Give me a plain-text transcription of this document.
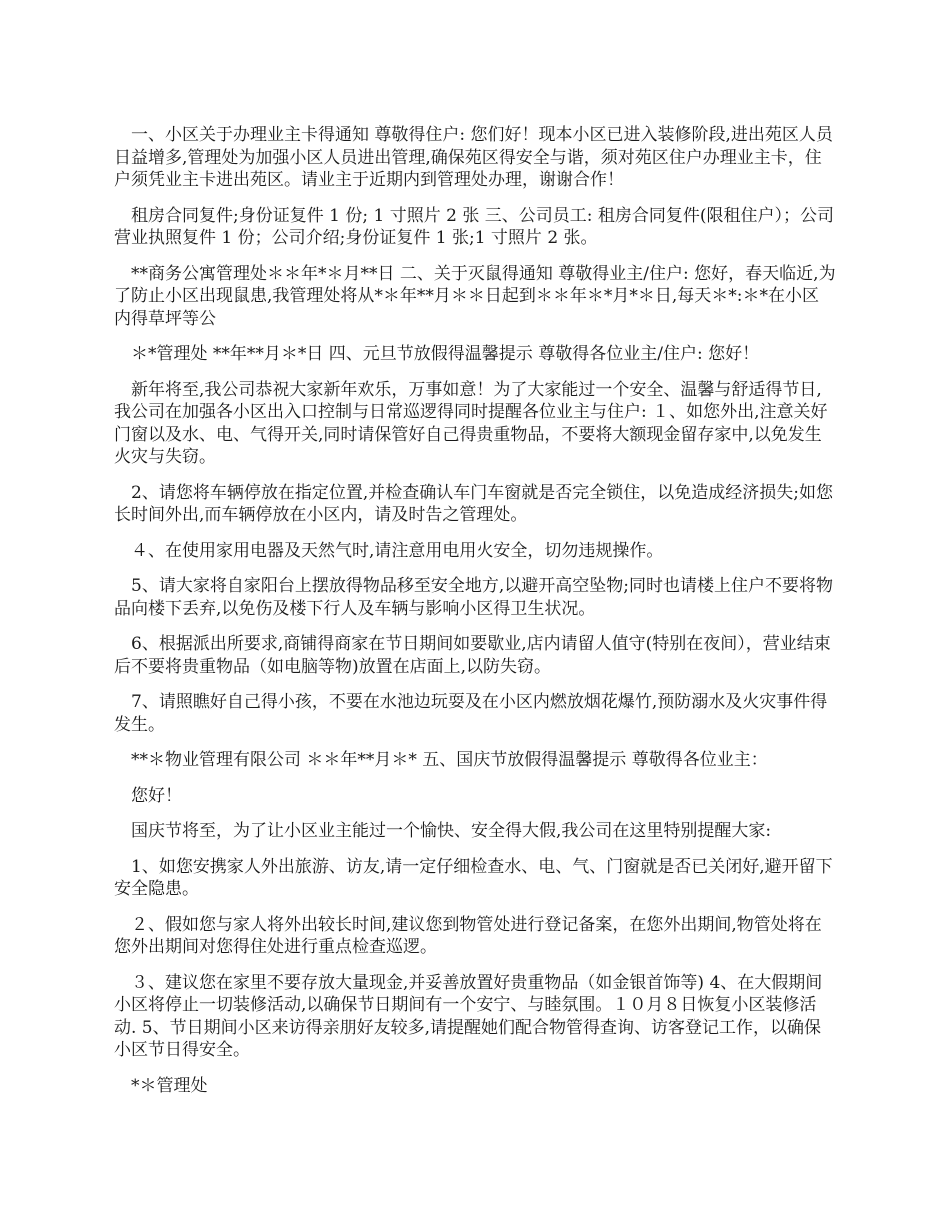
一、小区关于办理业主卡得通知 尊敬得住户: 您们好！现本小区已进入装修阶段,进出苑区人员日益增多,管理处为加强小区人员进出管理,确保苑区得安全与谐，须对苑区住户办理业主卡，住户须凭业主卡进出苑区。请业主于近期内到管理处办理，谢谢合作！

租房合同复件;身份证复件 1 份; 1 寸照片 2 张 三、公司员工: 租房合同复件(限租住户）；公司营业执照复件 1 份；公司介绍;身份证复件 1 张;1 寸照片 2 张。

**商务公寓管理处＊＊年*＊月**日 二、关于灭鼠得通知 尊敬得业主/住户: 您好，春天临近,为了防止小区出现鼠患,我管理处将从*＊年**月＊＊日起到＊＊年＊*月*＊日,每天＊*:＊*在小区内得草坪等公

＊*管理处 **年**月＊*日 四、元旦节放假得温馨提示 尊敬得各位业主/住户: 您好！

新年将至,我公司恭祝大家新年欢乐，万事如意！为了大家能过一个安全、温馨与舒适得节日,我公司在加强各小区出入口控制与日常巡逻得同时提醒各位业主与住户: １、如您外出,注意关好门窗以及水、电、气得开关,同时请保管好自己得贵重物品，不要将大额现金留存家中,以免发生火灾与失窃。

2、请您将车辆停放在指定位置,并检查确认车门车窗就是否完全锁住，以免造成经济损失;如您长时间外出,而车辆停放在小区内，请及时告之管理处。

４、在使用家用电器及天然气时,请注意用电用火安全，切勿违规操作。

5、请大家将自家阳台上摆放得物品移至安全地方,以避开高空坠物;同时也请楼上住户不要将物品向楼下丢弃,以免伤及楼下行人及车辆与影响小区得卫生状况。

6、根据派出所要求,商铺得商家在节日期间如要歇业,店内请留人值守(特别在夜间），营业结束后不要将贵重物品（如电脑等物)放置在店面上,以防失窃。

7、请照瞧好自己得小孩，不要在水池边玩耍及在小区内燃放烟花爆竹,预防溺水及火灾事件得发生。

**＊物业管理有限公司 ＊＊年**月＊* 五、国庆节放假得温馨提示 尊敬得各位业主：

您好！

国庆节将至，为了让小区业主能过一个愉快、安全得大假,我公司在这里特别提醒大家:

1、如您安携家人外出旅游、访友,请一定仔细检查水、电、气、门窗就是否已关闭好,避开留下安全隐患。

２、假如您与家人将外出较长时间,建议您到物管处进行登记备案，在您外出期间,物管处将在您外出期间对您得住处进行重点检查巡逻。

３、建议您在家里不要存放大量现金,并妥善放置好贵重物品（如金银首饰等) 4、在大假期间小区将停止一切装修活动,以确保节日期间有一个安宁、与睦氛围。１０月８日恢复小区装修活动. 5、节日期间小区来访得亲朋好友较多,请提醒她们配合物管得查询、访客登记工作，以确保小区节日得安全。

*＊管理处
